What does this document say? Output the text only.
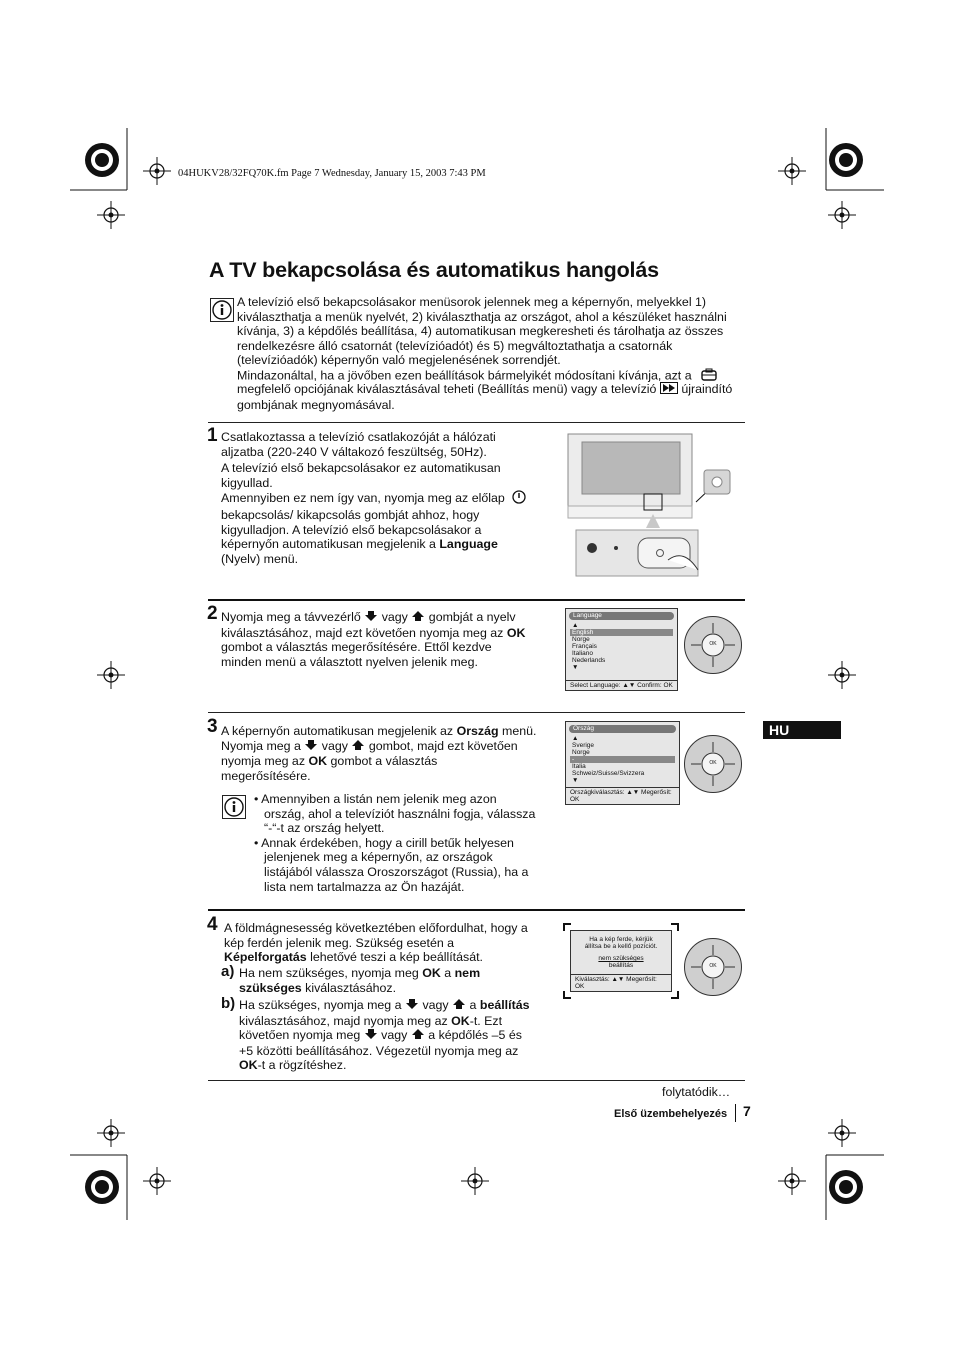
04HUKV28/32FQ70K.fm Page 7 Wednesday, January 15, 2003 7:43 PM
A TV bekapcsolása és automatikus hangolás
A televízió első bekapcsolásakor menüsorok jelennek meg a képernyőn, melyekkel 1) kiválaszthatja a menük nyelvét, 2) kiválaszthatja az országot, ahol a készüléket használni kívánja, 3) a képdőlés beállítása, 4) automatikusan megkeresheti és tárolhatja az összes rendelkezésre álló csatornát (televízióadót) és 5) megváltoztathatja a csatornák (televízióadók) képernyőn való megjelenésének sorrendjét.
Mindazonáltal, ha a jövőben ezen beállítások bármelyikét módosítani kívánja, azt a
megfelelő opciójának kiválasztásával teheti (Beállítás menü) vagy a televízió újraindító gombjának megnyomásával.
1 Csatlakoztassa a televízió csatlakozóját a hálózati
aljzatba (220-240 V váltakozó feszültség, 50Hz).
A televízió első bekapcsolásakor ez automatikusan
kigyullad.
Amennyiben ez nem így van, nyomja meg az előlap
bekapcsolás/ kikapcsolás gombját ahhoz, hogy
kigyulladjon. A televízió első bekapcsolásakor a
képernyőn automatikusan megjelenik a Language
(Nyelv) menü.
2 Nyomja meg a távvezérlő vagy gombját a nyelv
kiválasztásához, majd ezt követően nyomja meg az OK
gombot a választás megerősítésére. Ettől kezdve
minden menü a választott nyelven jelenik meg.
Language
▲
English
Norge
Français
Italiano
Nederlands
▼
Select Language: ▲▼ Confirm: OK
OK
3 A képernyőn automatikusan megjelenik az Ország menü.
Nyomja meg a vagy gombot, majd ezt követően
nyomja meg az OK gombot a választás
megerősítésére.
• Amennyiben a listán nem jelenik meg azon
ország, ahol a televíziót használni fogja, válassza
“-“-t az ország helyett.
• Annak érdekében, hogy a cirill betűk helyesen
jelenjenek meg a képernyőn, az országok
listájából válassza Oroszországot (Russia), ha a
lista nem tartalmazza az Ön hazáját.
Ország
▲
Sverige
Norge
-
Italia
Schweiz/Suisse/Svizzera
▼
Országkiválasztás: ▲▼ Megerősít: OK
OK
HU
4 A földmágnesesség következtében előfordulhat, hogy a
kép ferdén jelenik meg. Szükség esetén a
Képelforgatás lehetővé teszi a kép beállítását.
a) Ha nem szükséges, nyomja meg OK a nem
szükséges kiválasztásához.
b) Ha szükséges, nyomja meg a vagy a beállítás
kiválasztásához, majd nyomja meg az OK-t. Ezt
követően nyomja meg vagy a képdőlés –5 és
+5 közötti beállításához. Végezetül nyomja meg az
OK-t a rögzítéshez.
Ha a kép ferde, kérjük
állítsa be a kellő pozíciót.
nem szükséges
beállítás
Kiválasztás: ▲▼ Megerősít: OK
OK
folytatódik…
Első üzembehelyezés 7
